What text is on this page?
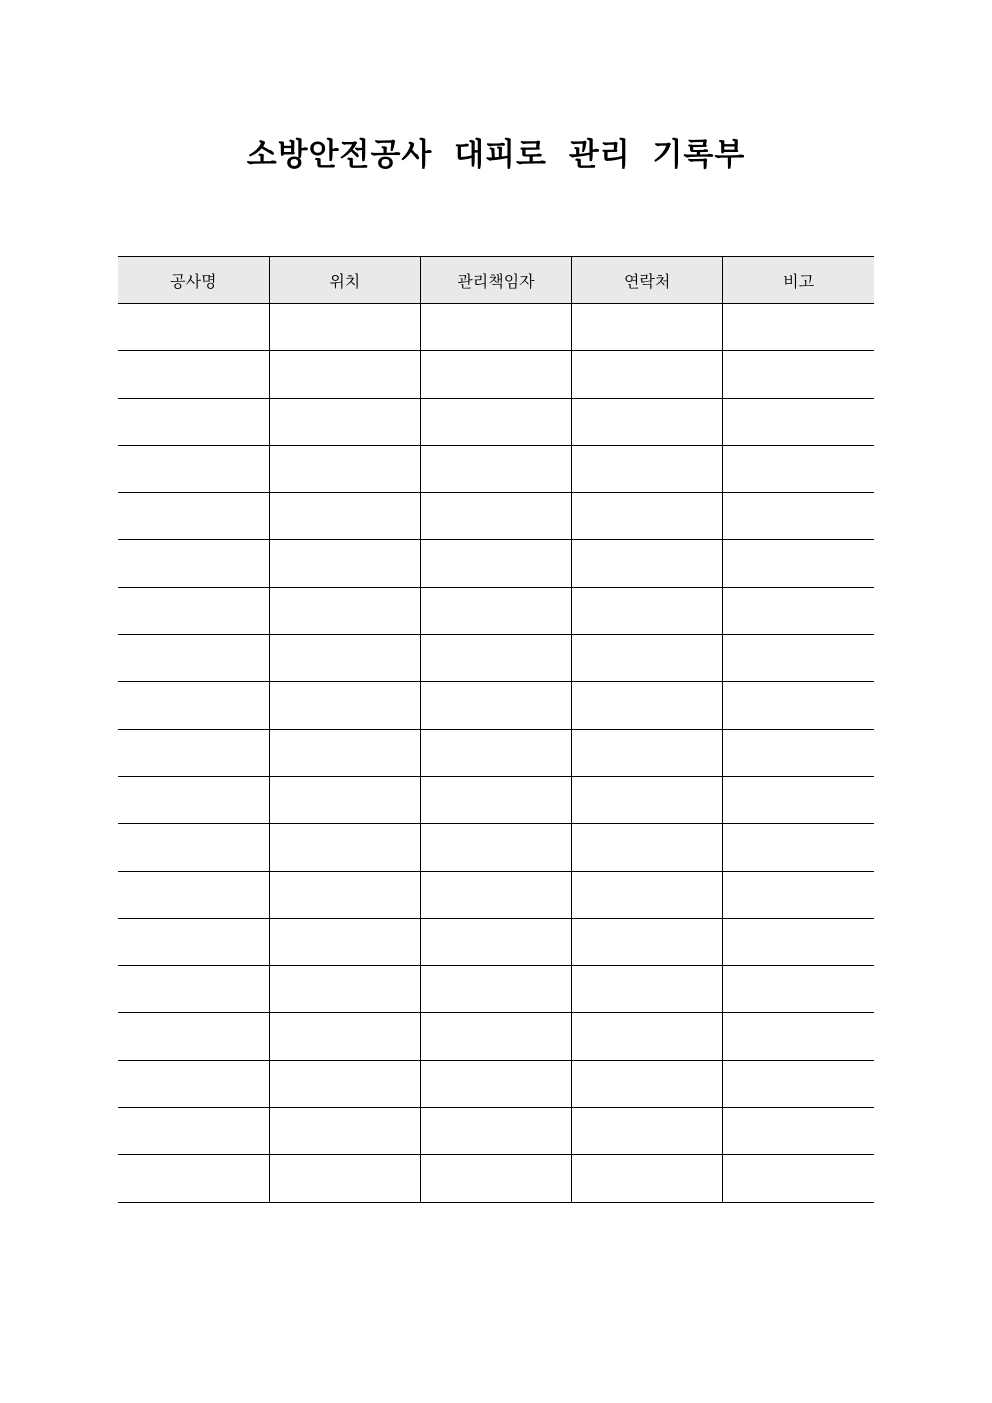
소방안전공사 대피로 관리 기록부
공사명	위치	관리책임자	연락처	비고
